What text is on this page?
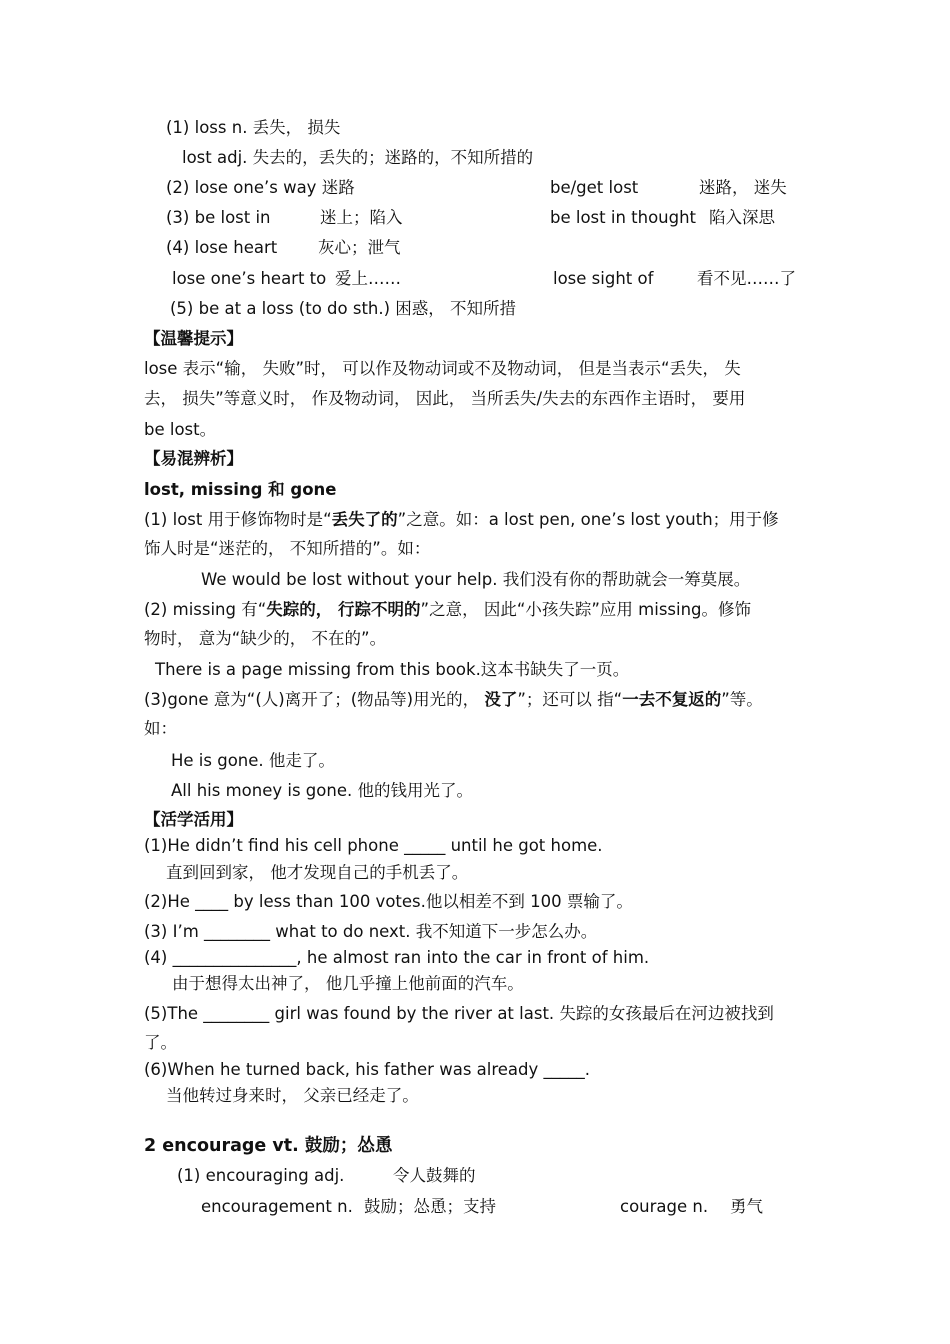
(1) loss n. 丢失， 损失
lost adj. 失去的，丢失的；迷路的，不知所措的
(2) lose one’s way 迷路	be/get lost	迷路， 迷失
(3) be lost in	迷上；陷入	be lost in thought 陷入深思
(4) lose heart 灰心；泄气
lose one’s heart to 爱上……	lose sight of	看不见……了
(5) be at a loss (to do sth.) 困惑， 不知所措
【温馨提示】
lose 表示“输， 失败”时， 可以作及物动词或不及物动词， 但是当表示“丢失， 失
去， 损失”等意义时， 作及物动词， 因此， 当所丢失/失去的东西作主语时， 要用
be lost。
【易混辨析】
lost, missing 和 gone
(1) lost 用于修饰物时是“丢失了的”之意。如：a lost pen, one’s lost youth；用于修
饰人时是“迷茫的， 不知所措的”。如：
We would be lost without your help. 我们没有你的帮助就会一筹莫展。
(2) missing 有“失踪的， 行踪不明的”之意， 因此“小孩失踪”应用 missing。修饰
物时， 意为“缺少的， 不在的”。
There is a page missing from this book.这本书缺失了一页。
(3)gone 意为“(人)离开了；(物品等)用光的， 没了”；还可以 指“一去不复返的”等。
如：
He is gone. 他走了。
All his money is gone. 他的钱用光了。
【活学活用】
(1)He didn’t find his cell phone _____ until he got home.
直到回到家， 他才发现自己的手机丢了。
(2)He ____ by less than 100 votes.他以相差不到 100 票输了。
(3) I’m ________ what to do next. 我不知道下一步怎么办。
(4) _______________, he almost ran into the car in front of him.
由于想得太出神了， 他几乎撞上他前面的汽车。
(5)The ________ girl was found by the river at last. 失踪的女孩最后在河边被找到
了。
(6)When he turned back, his father was already _____.
当他转过身来时， 父亲已经走了。
2 encourage vt. 鼓励；怂恿
(1) encouraging adj.	令人鼓舞的
encouragement n. 鼓励；怂恿；支持	courage n. 勇气
